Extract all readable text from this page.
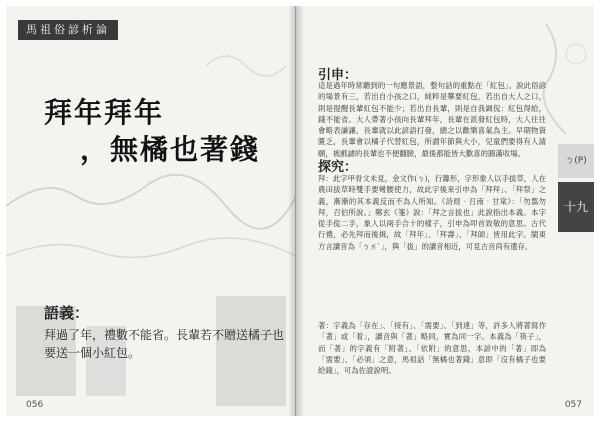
馬祖俗諺析論
拜年拜年
，無橘也著錢
語義：
拜過了年，禮數不能省。長輩若不贈送橘子也要送一個小紅包。
056
引申：
這是過年時常聽到的一句應景語，整句話的重點在「紅包」。說此俗諺的場景有三，若出自小孩之口，純粹是攀要紅包，若出自大人之口，則是提醒長輩紅包不能少；若出自長輩，則是自我調侃：紅包得給，錢不能省。大人帶著小孩向長輩拜年，長輩在派發紅包時，大人往往會略表謙讓，長輩就以此諺語打發，總之以歡樂喜氣為主。早期物資匱乏，長輩會以橘子代替紅包，所謂年節與大小，兒童們要得有人請願，被戲謔的長輩也不便翻臉，最後都能皆大歡喜的圓滿收場。
探究：
拜：此字甲骨文未見，金文作(ㄅ)，行籌形，字形象人以手拔草，人在農田拔草時雙手要彎腰使力，故此字後來引申為「拜拜」、「拜祭」之義，漸漸的其本義反而不為人所知。《詩經‧召南‧甘棠》：「勿翦勿拜，召伯所說。」鄭玄《箋》說：「拜之言拔也」此說指出本義。本字從手從二手，象人以兩手合十的樣子，引申為叩首致敬的意思。古代行禮，必先拜而後揖，故「拜年」、「拜壽」、「拜師」皆用此字。閩東方言讀音為「ㄅㄞˋ」，與「拔」的讀音相近，可見古音尚有遺存。
著：字義為「存在」、「接有」、「需要」、「到達」等，許多人將著寫作「著」或「着」，讀音與「著」略同，實為同一字。本義為「筷子」，而「著」的字義有「附著」、「依附」的意思，本諺中的「著」即為「需要」、「必須」之意，馬祖話「無橘也著錢」意即「沒有橘子也要給錢」，可為佐證說明。
ㄅ(P)
十九
057
